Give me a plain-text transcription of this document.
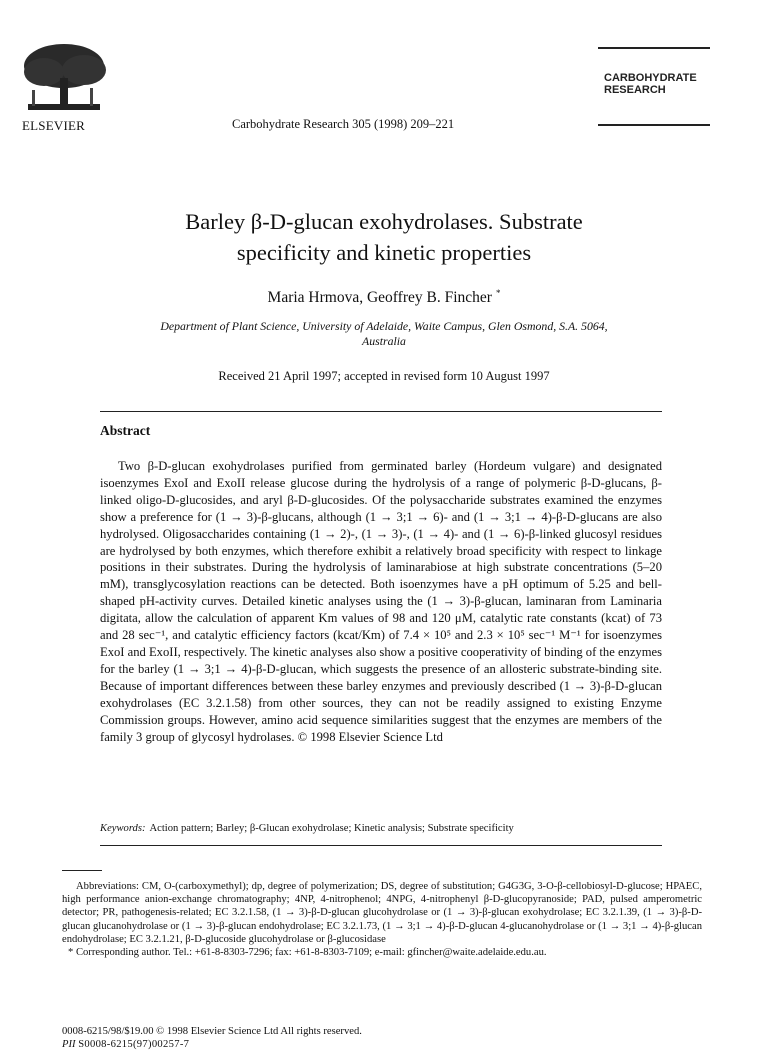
ELSEVIER	Carbohydrate Research 305 (1998) 209–221
CARBOHYDRATE
RESEARCH
Barley β-D-glucan exohydrolases. Substrate
specificity and kinetic properties
Maria Hrmova, Geoffrey B. Fincher *
Department of Plant Science, University of Adelaide, Waite Campus, Glen Osmond, S.A. 5064,
Australia
Received 21 April 1997; accepted in revised form 10 August 1997
Abstract
Two β-D-glucan exohydrolases purified from germinated barley (Hordeum vulgare) and designated isoenzymes ExoI and ExoII release glucose during the hydrolysis of a range of polymeric β-D-glucans, β-linked oligo-D-glucosides, and aryl β-D-glucosides. Of the polysaccharide substrates examined the enzymes show a preference for (1 → 3)-β-glucans, although (1 → 3;1 → 6)- and (1 → 3;1 → 4)-β-D-glucans are also hydrolysed. Oligosaccharides containing (1 → 2)-, (1 → 3)-, (1 → 4)- and (1 → 6)-β-linked glucosyl residues are hydrolysed by both enzymes, which therefore exhibit a relatively broad specificity with respect to linkage positions in their substrates. During the hydrolysis of laminarabiose at high substrate concentrations (5–20 mM), transglycosylation reactions can be detected. Both isoenzymes have a pH optimum of 5.25 and bell-shaped pH-activity curves. Detailed kinetic analyses using the (1 → 3)-β-glucan, laminaran from Laminaria digitata, allow the calculation of apparent Km values of 98 and 120 μM, catalytic rate constants (kcat) of 73 and 28 sec⁻¹, and catalytic efficiency factors (kcat/Km) of 7.4 × 10⁵ and 2.3 × 10⁵ sec⁻¹ M⁻¹ for isoenzymes ExoI and ExoII, respectively. The kinetic analyses also show a positive cooperativity of binding of the enzymes for the barley (1 → 3;1 → 4)-β-D-glucan, which suggests the presence of an allosteric substrate-binding site. Because of important differences between these barley enzymes and previously described (1 → 3)-β-D-glucan exohydrolases (EC 3.2.1.58) from other sources, they can not be readily assigned to existing Enzyme Commission groups. However, amino acid sequence similarities suggest that the enzymes are members of the family 3 group of glycosyl hydrolases. © 1998 Elsevier Science Ltd
Keywords: Action pattern; Barley; β-Glucan exohydrolase; Kinetic analysis; Substrate specificity

Abbreviations: CM, O-(carboxymethyl); dp, degree of polymerization; DS, degree of substitution; G4G3G, 3-O-β-cellobiosyl-D-glucose; HPAEC, high performance anion-exchange chromatography; 4NP, 4-nitrophenol; 4NPG, 4-nitrophenyl β-D-glucopyranoside; PAD, pulsed amperometric detector; PR, pathogenesis-related; EC 3.2.1.58, (1 → 3)-β-D-glucan glucohydrolase or (1 → 3)-β-glucan exohydrolase; EC 3.2.1.39, (1 → 3)-β-D-glucan glucanohydrolase or (1 → 3)-β-glucan endohydrolase; EC 3.2.1.73, (1 → 3;1 → 4)-β-D-glucan 4-glucanohydrolase or (1 → 3;1 → 4)-β-glucan endohydrolase; EC 3.2.1.21, β-D-glucoside glucohydrolase or β-glucosidase

* Corresponding author. Tel.: +61-8-8303-7296; fax: +61-8-8303-7109; e-mail: gfincher@waite.adelaide.edu.au.

0008-6215/98/$19.00 © 1998 Elsevier Science Ltd All rights reserved.
PII S0008-6215(97)00257-7
